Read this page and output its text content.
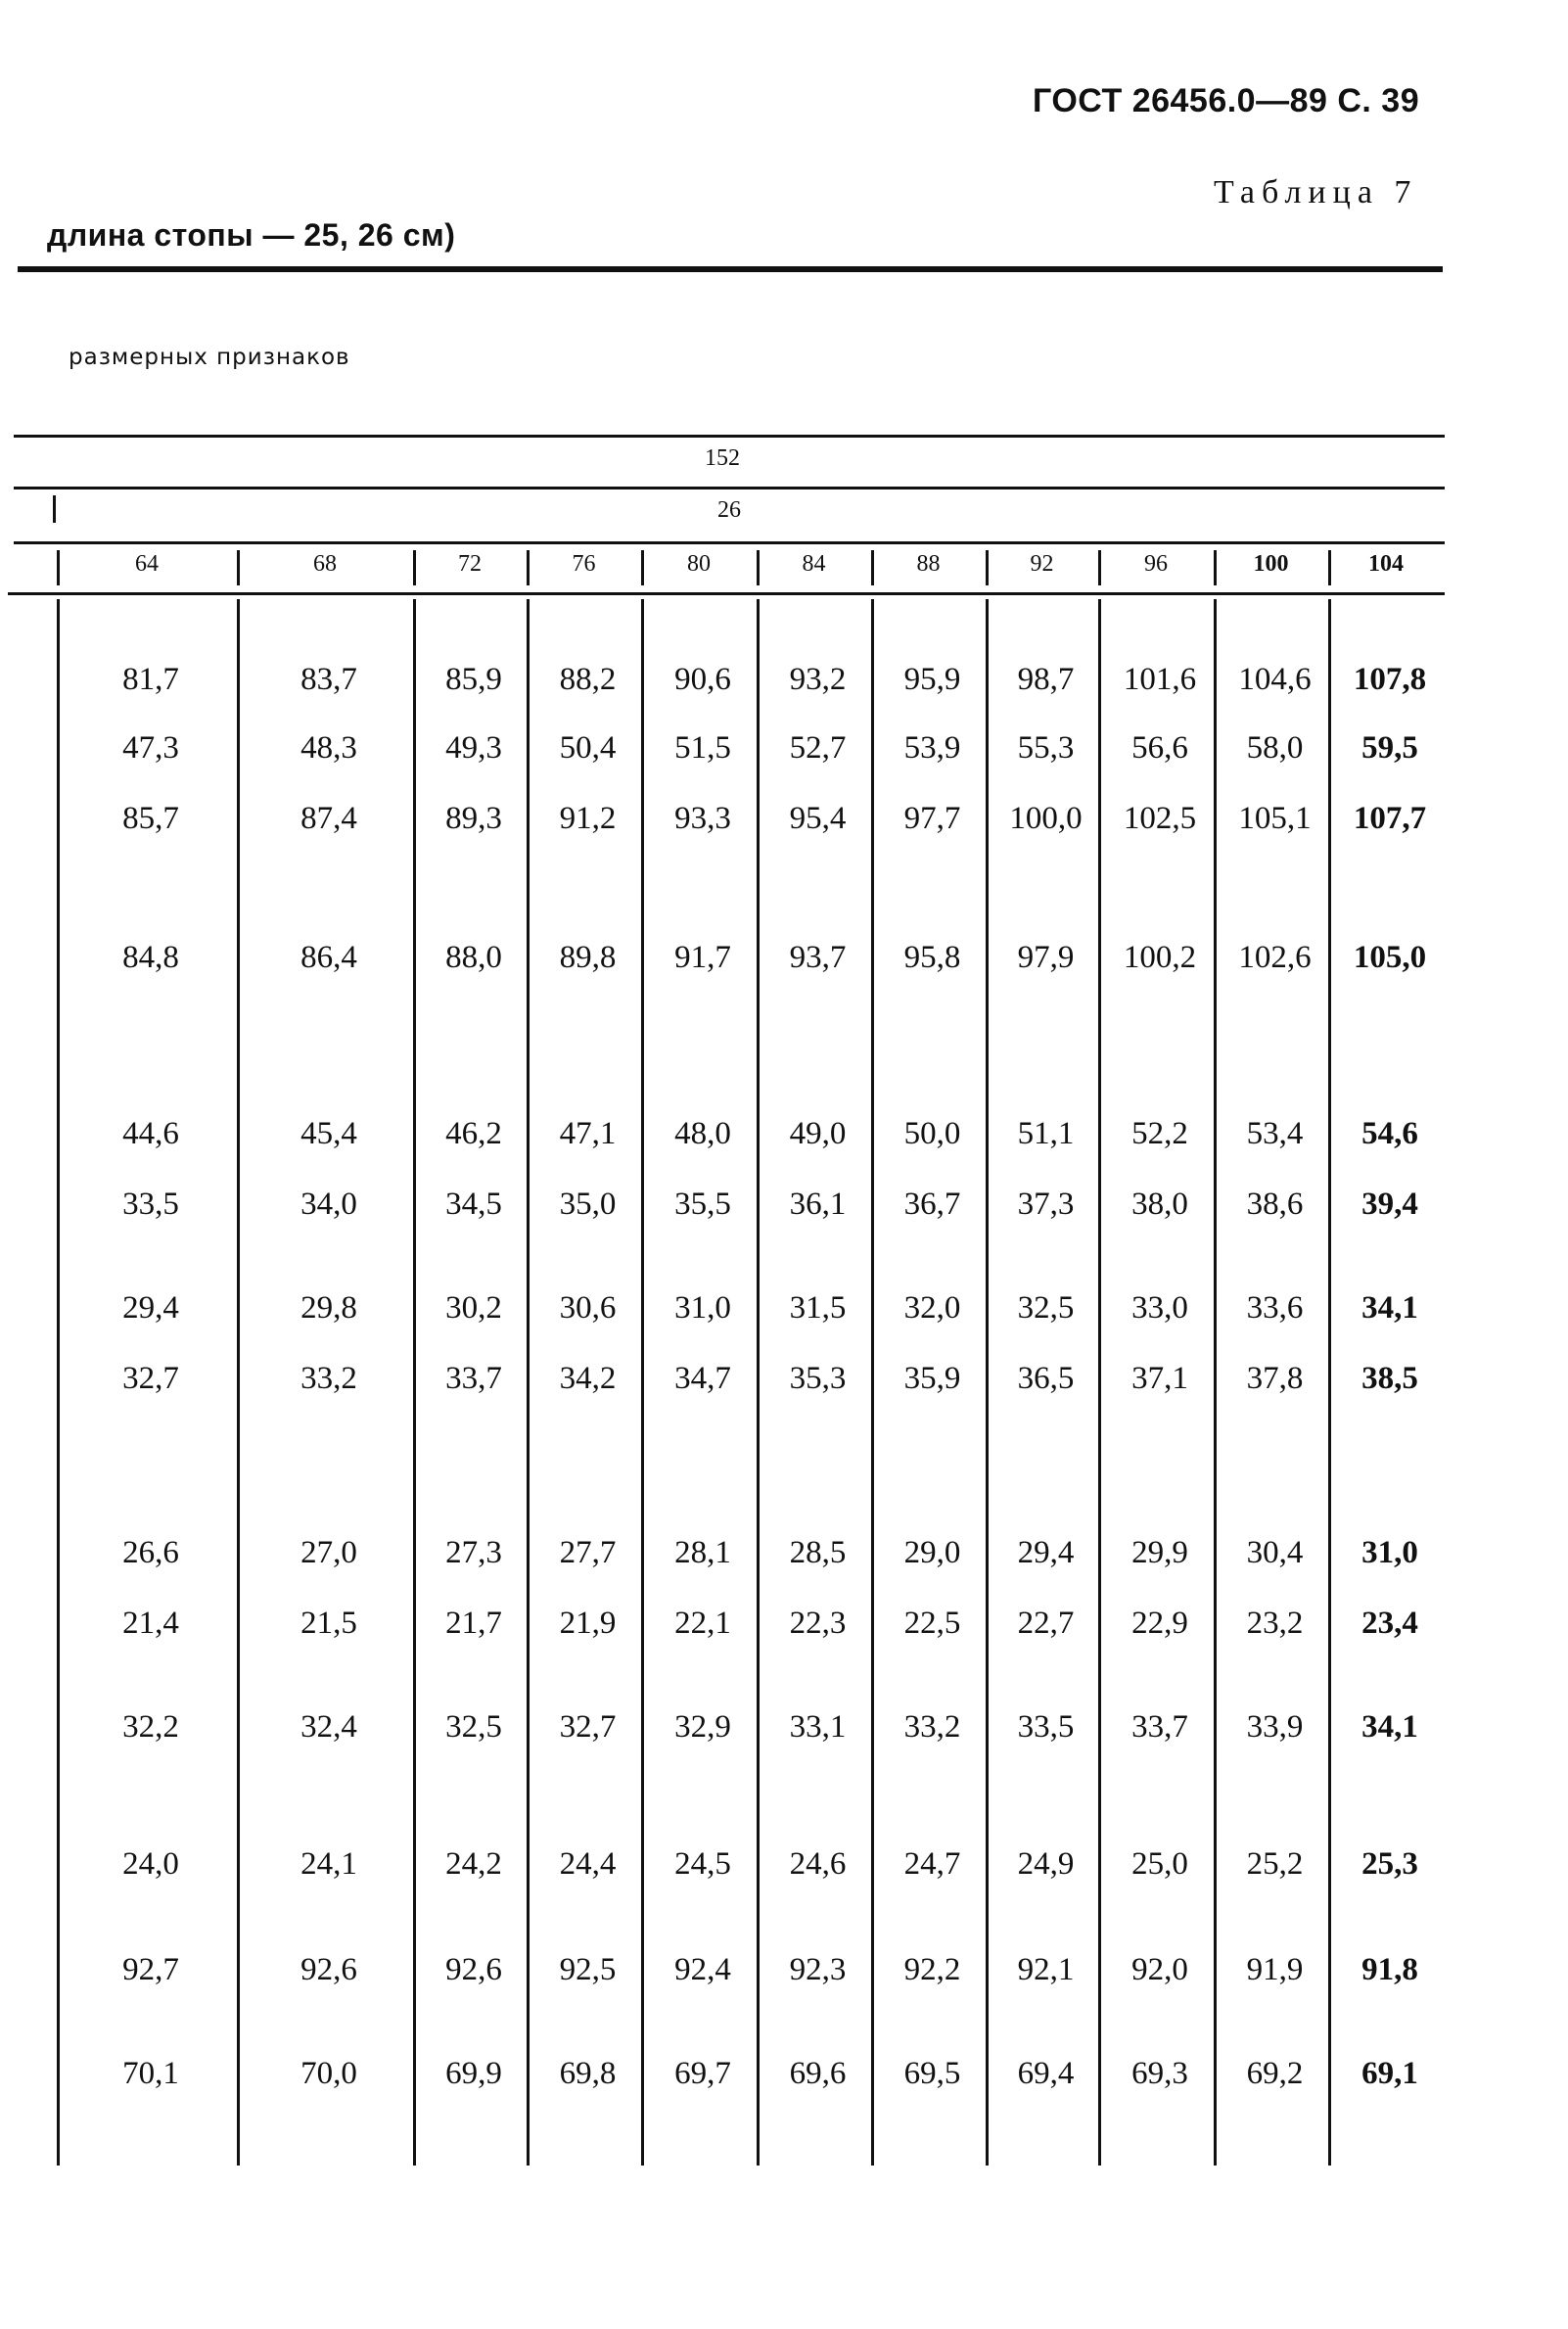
ГОСТ 26456.0—89 С. 39
Таблица 7
длина стопы — 25, 26 см)
размерных признаков
152
26
64	68	72	76	80	84	88	92	96	100	104
81,7	83,7	85,9	88,2	90,6	93,2	95,9	98,7	101,6	104,6	107,8
47,3	48,3	49,3	50,4	51,5	52,7	53,9	55,3	56,6	58,0	59,5
85,7	87,4	89,3	91,2	93,3	95,4	97,7	100,0	102,5	105,1	107,7
84,8	86,4	88,0	89,8	91,7	93,7	95,8	97,9	100,2	102,6	105,0
44,6	45,4	46,2	47,1	48,0	49,0	50,0	51,1	52,2	53,4	54,6
33,5	34,0	34,5	35,0	35,5	36,1	36,7	37,3	38,0	38,6	39,4
29,4	29,8	30,2	30,6	31,0	31,5	32,0	32,5	33,0	33,6	34,1
32,7	33,2	33,7	34,2	34,7	35,3	35,9	36,5	37,1	37,8	38,5
26,6	27,0	27,3	27,7	28,1	28,5	29,0	29,4	29,9	30,4	31,0
21,4	21,5	21,7	21,9	22,1	22,3	22,5	22,7	22,9	23,2	23,4
32,2	32,4	32,5	32,7	32,9	33,1	33,2	33,5	33,7	33,9	34,1
24,0	24,1	24,2	24,4	24,5	24,6	24,7	24,9	25,0	25,2	25,3
92,7	92,6	92,6	92,5	92,4	92,3	92,2	92,1	92,0	91,9	91,8
70,1	70,0	69,9	69,8	69,7	69,6	69,5	69,4	69,3	69,2	69,1
